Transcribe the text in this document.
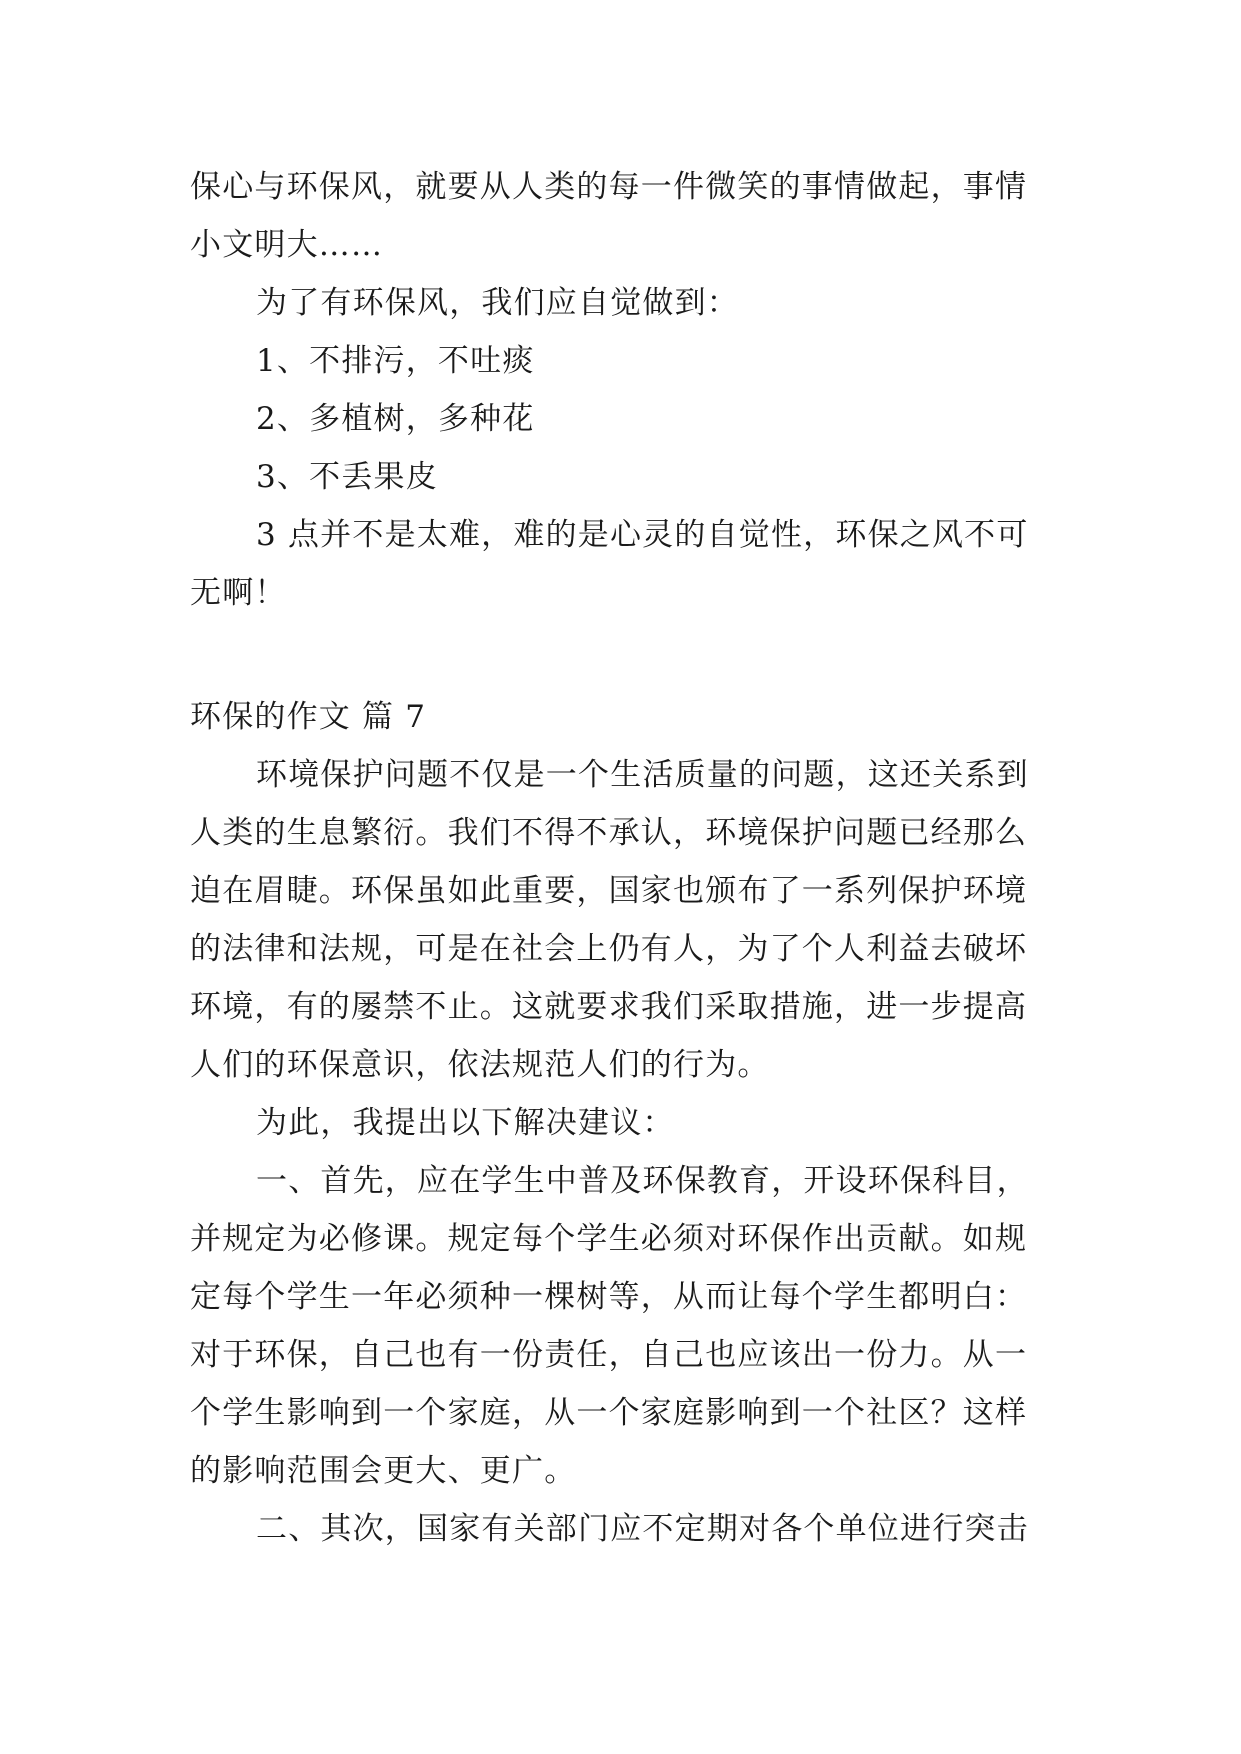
保心与环保风，就要从人类的每一件微笑的事情做起，事情
小文明大……
为了有环保风，我们应自觉做到：
1、不排污，不吐痰
2、多植树，多种花
3、不丢果皮
3 点并不是太难，难的是心灵的自觉性，环保之风不可
无啊！
环保的作文 篇 7
环境保护问题不仅是一个生活质量的问题，这还关系到
人类的生息繁衍。我们不得不承认，环境保护问题已经那么
迫在眉睫。环保虽如此重要，国家也颁布了一系列保护环境
的法律和法规，可是在社会上仍有人，为了个人利益去破坏
环境，有的屡禁不止。这就要求我们采取措施，进一步提高
人们的环保意识，依法规范人们的行为。
为此，我提出以下解决建议：
一、首先，应在学生中普及环保教育，开设环保科目，
并规定为必修课。规定每个学生必须对环保作出贡献。如规
定每个学生一年必须种一棵树等，从而让每个学生都明白：
对于环保，自己也有一份责任，自己也应该出一份力。从一
个学生影响到一个家庭，从一个家庭影响到一个社区？这样
的影响范围会更大、更广。
二、其次，国家有关部门应不定期对各个单位进行突击
